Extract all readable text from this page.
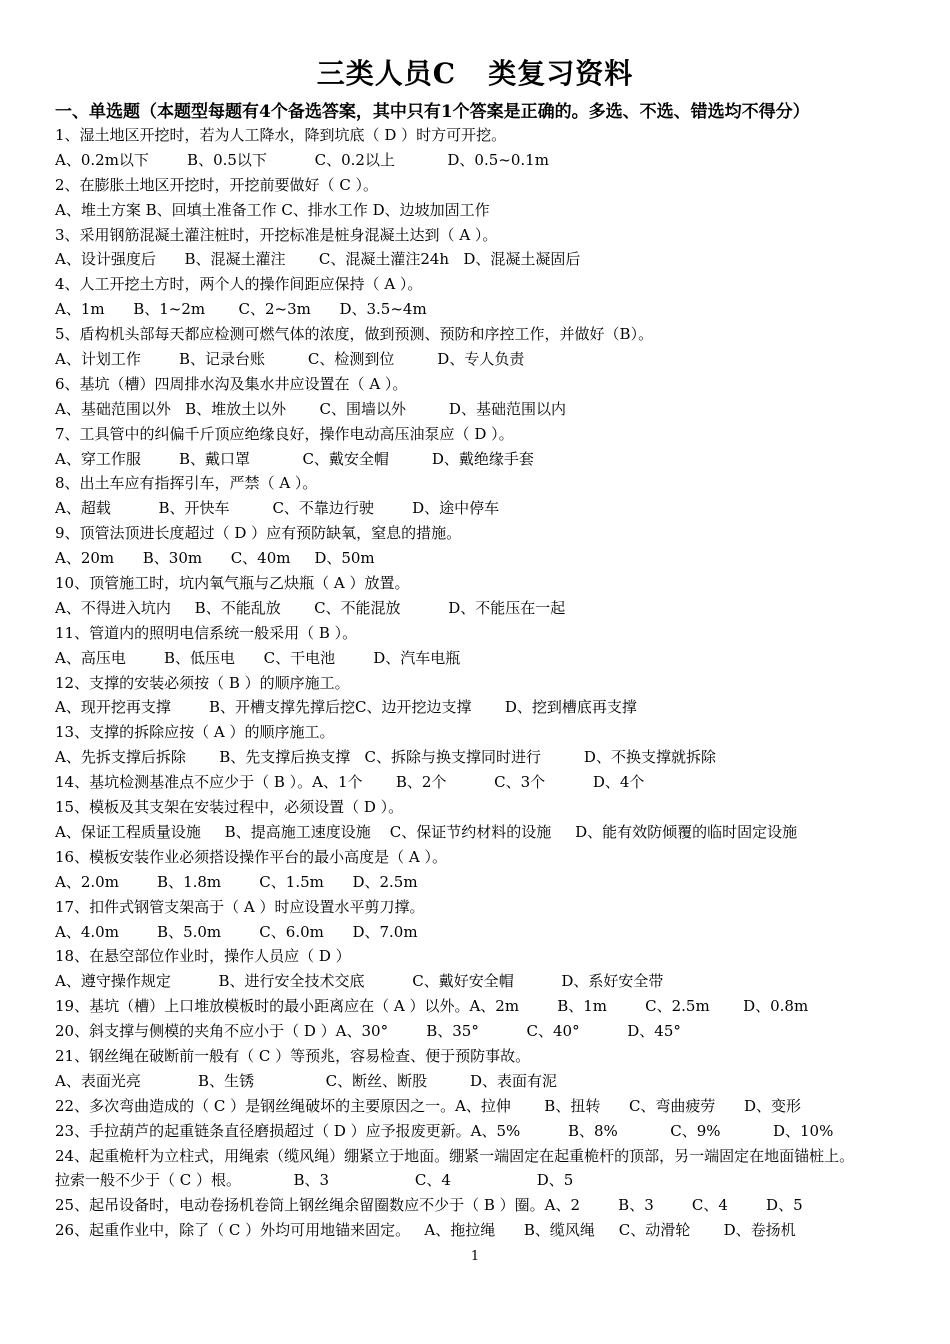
三类人员C   类复习资料
一、单选题（本题型每题有4个备选答案，其中只有1个答案是正确的。多选、不选、错选均不得分）
1、湿土地区开挖时，若为人工降水，降到坑底（ D ）时方可开挖。
A、0.2m以下        B、0.5以下          C、0.2以上           D、0.5~0.1m
2、在膨胀土地区开挖时，开挖前要做好（ C ）。
A、堆土方案 B、回填土准备工作 C、排水工作 D、边坡加固工作
3、采用钢筋混凝土灌注桩时，开挖标准是桩身混凝土达到（ A ）。
A、设计强度后      B、混凝土灌注       C、混凝土灌注24h   D、混凝土凝固后
4、人工开挖土方时，两个人的操作间距应保持（ A ）。
A、1m      B、1~2m       C、2~3m      D、3.5~4m
5、盾构机头部每天都应检测可燃气体的浓度，做到预测、预防和序控工作，并做好（B）。
A、计划工作        B、记录台账         C、检测到位         D、专人负责
6、基坑（槽）四周排水沟及集水井应设置在（ A ）。
A、基础范围以外   B、堆放土以外       C、围墙以外         D、基础范围以内
7、工具管中的纠偏千斤顶应绝缘良好，操作电动高压油泵应（ D ）。
A、穿工作服        B、戴口罩           C、戴安全帽         D、戴绝缘手套
8、出土车应有指挥引车，严禁（ A ）。
A、超载          B、开快车         C、不靠边行驶        D、途中停车
9、顶管法顶进长度超过（ D ）应有预防缺氧，窒息的措施。
A、20m      B、30m      C、40m     D、50m
10、顶管施工时，坑内氧气瓶与乙炔瓶（ A ）放置。
A、不得进入坑内     B、不能乱放       C、不能混放          D、不能压在一起
11、管道内的照明电信系统一般采用（ B ）。
A、高压电        B、低压电      C、干电池        D、汽车电瓶
12、支撑的安装必须按（ B ）的顺序施工。
A、现开挖再支撑        B、开槽支撑先撑后挖C、边开挖边支撑       D、挖到槽底再支撑
13、支撑的拆除应按（ A ）的顺序施工。
A、先拆支撑后拆除       B、先支撑后换支撑   C、拆除与换支撑同时进行         D、不换支撑就拆除
14、基坑检测基准点不应少于（ B ）。A、1个       B、2个          C、3个          D、4个
15、模板及其支架在安装过程中，必须设置（ D ）。
A、保证工程质量设施     B、提高施工速度设施    C、保证节约材料的设施     D、能有效防倾覆的临时固定设施
16、模板安装作业必须搭设操作平台的最小高度是（ A ）。
A、2.0m        B、1.8m        C、1.5m      D、2.5m
17、扣件式钢管支架高于（ A ）时应设置水平剪刀撑。
A、4.0m        B、5.0m        C、6.0m      D、7.0m
18、在悬空部位作业时，操作人员应（ D ）
A、遵守操作规定          B、进行安全技术交底          C、戴好安全帽          D、系好安全带
19、基坑（槽）上口堆放模板时的最小距离应在（ A ）以外。A、2m        B、1m        C、2.5m       D、0.8m
20、斜支撑与侧模的夹角不应小于（ D ）A、30°        B、35°          C、40°          D、45°
21、钢丝绳在破断前一般有（ C ）等预兆，容易检查、便于预防事故。
A、表面光亮            B、生锈               C、断丝、断股         D、表面有泥
22、多次弯曲造成的（ C ）是钢丝绳破坏的主要原因之一。A、拉伸       B、扭转      C、弯曲疲劳      D、变形
23、手拉葫芦的起重链条直径磨损超过（ D ）应予报废更新。A、5%          B、8%           C、9%           D、10%
24、起重桅杆为立柱式，用绳索（缆风绳）绷紧立于地面。绷紧一端固定在起重桅杆的顶部，另一端固定在地面锚桩上。
拉索一般不少于（ C ）根。           B、3                  C、4                  D、5
25、起吊设备时，电动卷扬机卷筒上钢丝绳余留圈数应不少于（ B ）圈。A、2        B、3        C、4        D、5
26、起重作业中，除了（ C ）外均可用地锚来固定。   A、拖拉绳      B、缆风绳     C、动滑轮       D、卷扬机
1
